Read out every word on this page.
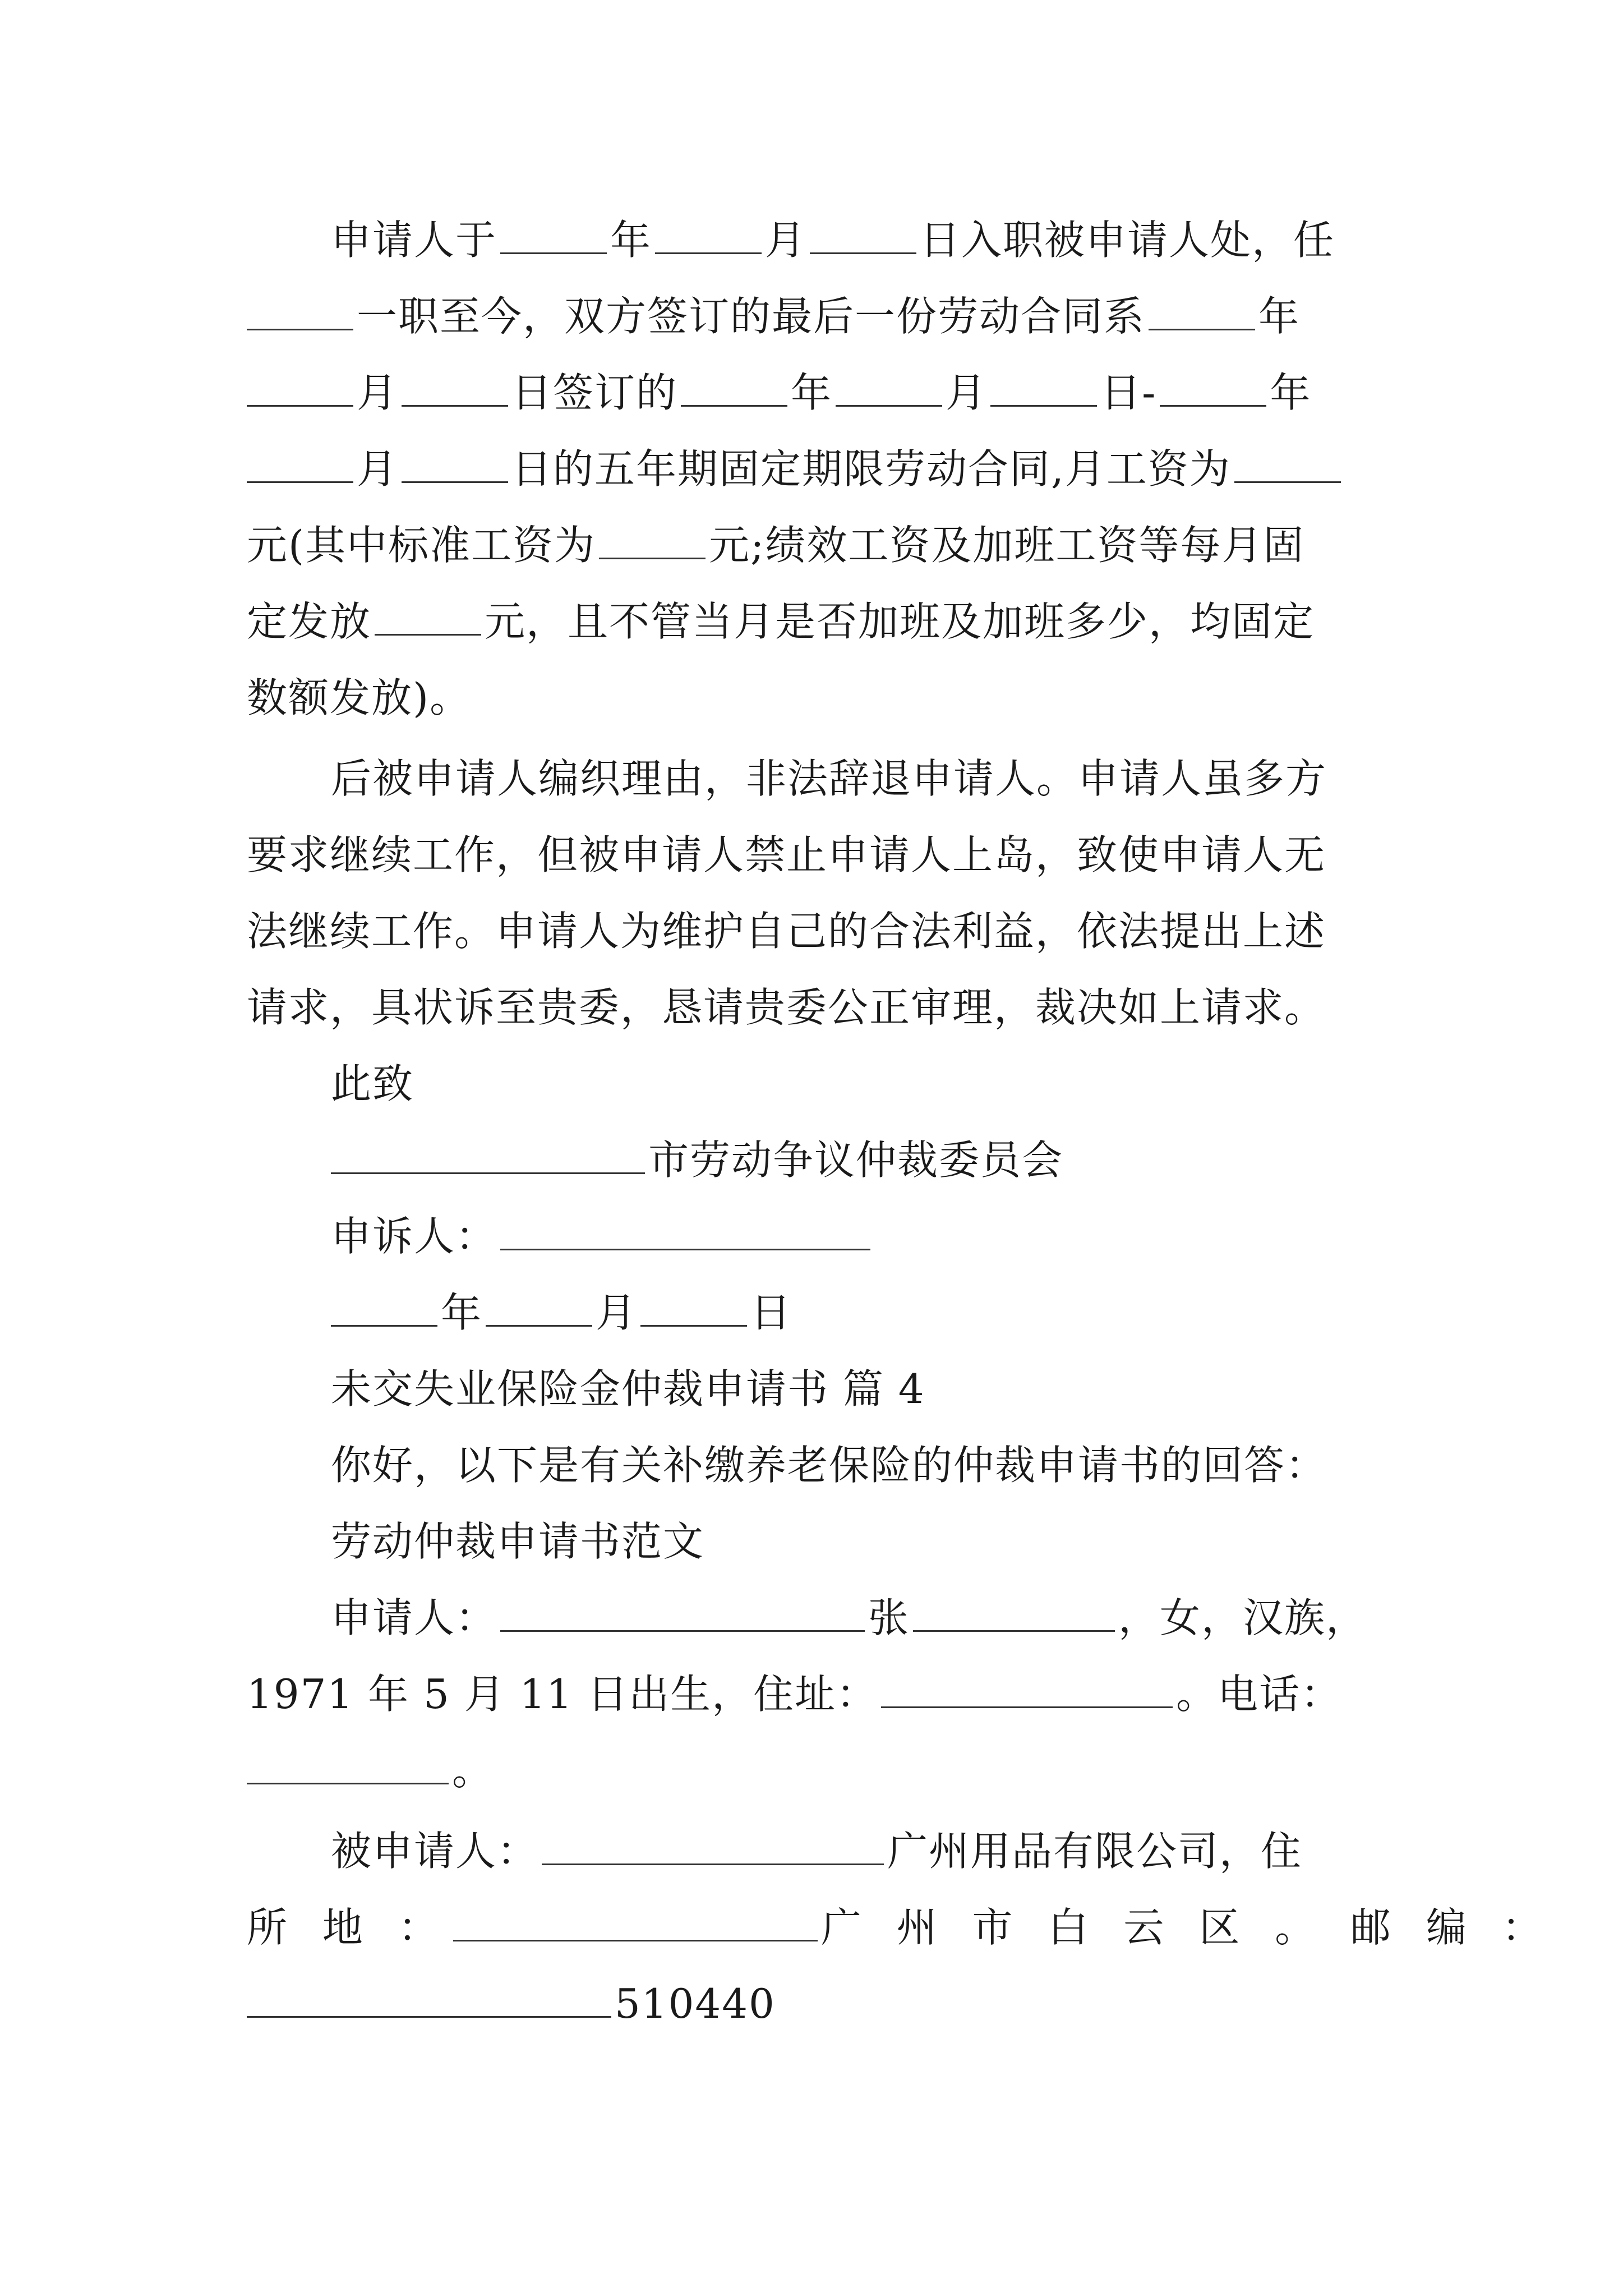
申请人于	年	月	日入职被申请人处，任
一职至今，双方签订的最后一份劳动合同系	年
月	日签订的	年	月	日-	年
月	日的五年期固定期限劳动合同,月工资为
元(其中标准工资为	元;绩效工资及加班工资等每月固
定发放	元，且不管当月是否加班及加班多少，均固定
数额发放)。
后被申请人编织理由，非法辞退申请人。申请人虽多方
要求继续工作，但被申请人禁止申请人上岛，致使申请人无
法继续工作。申请人为维护自己的合法利益，依法提出上述
请求，具状诉至贵委，恳请贵委公正审理，裁决如上请求。
此致
市劳动争议仲裁委员会
申诉人：
年	月	日
未交失业保险金仲裁申请书 篇 4
你好，以下是有关补缴养老保险的仲裁申请书的回答：
劳动仲裁申请书范文
申请人：	张	，女，汉族，
1971 年 5 月 11 日出生，住址：	。电话：
。
被申请人：	广州用品有限公司，住
所 地 ：	广 州 市 白 云 区 。 邮 编 ：
510440
